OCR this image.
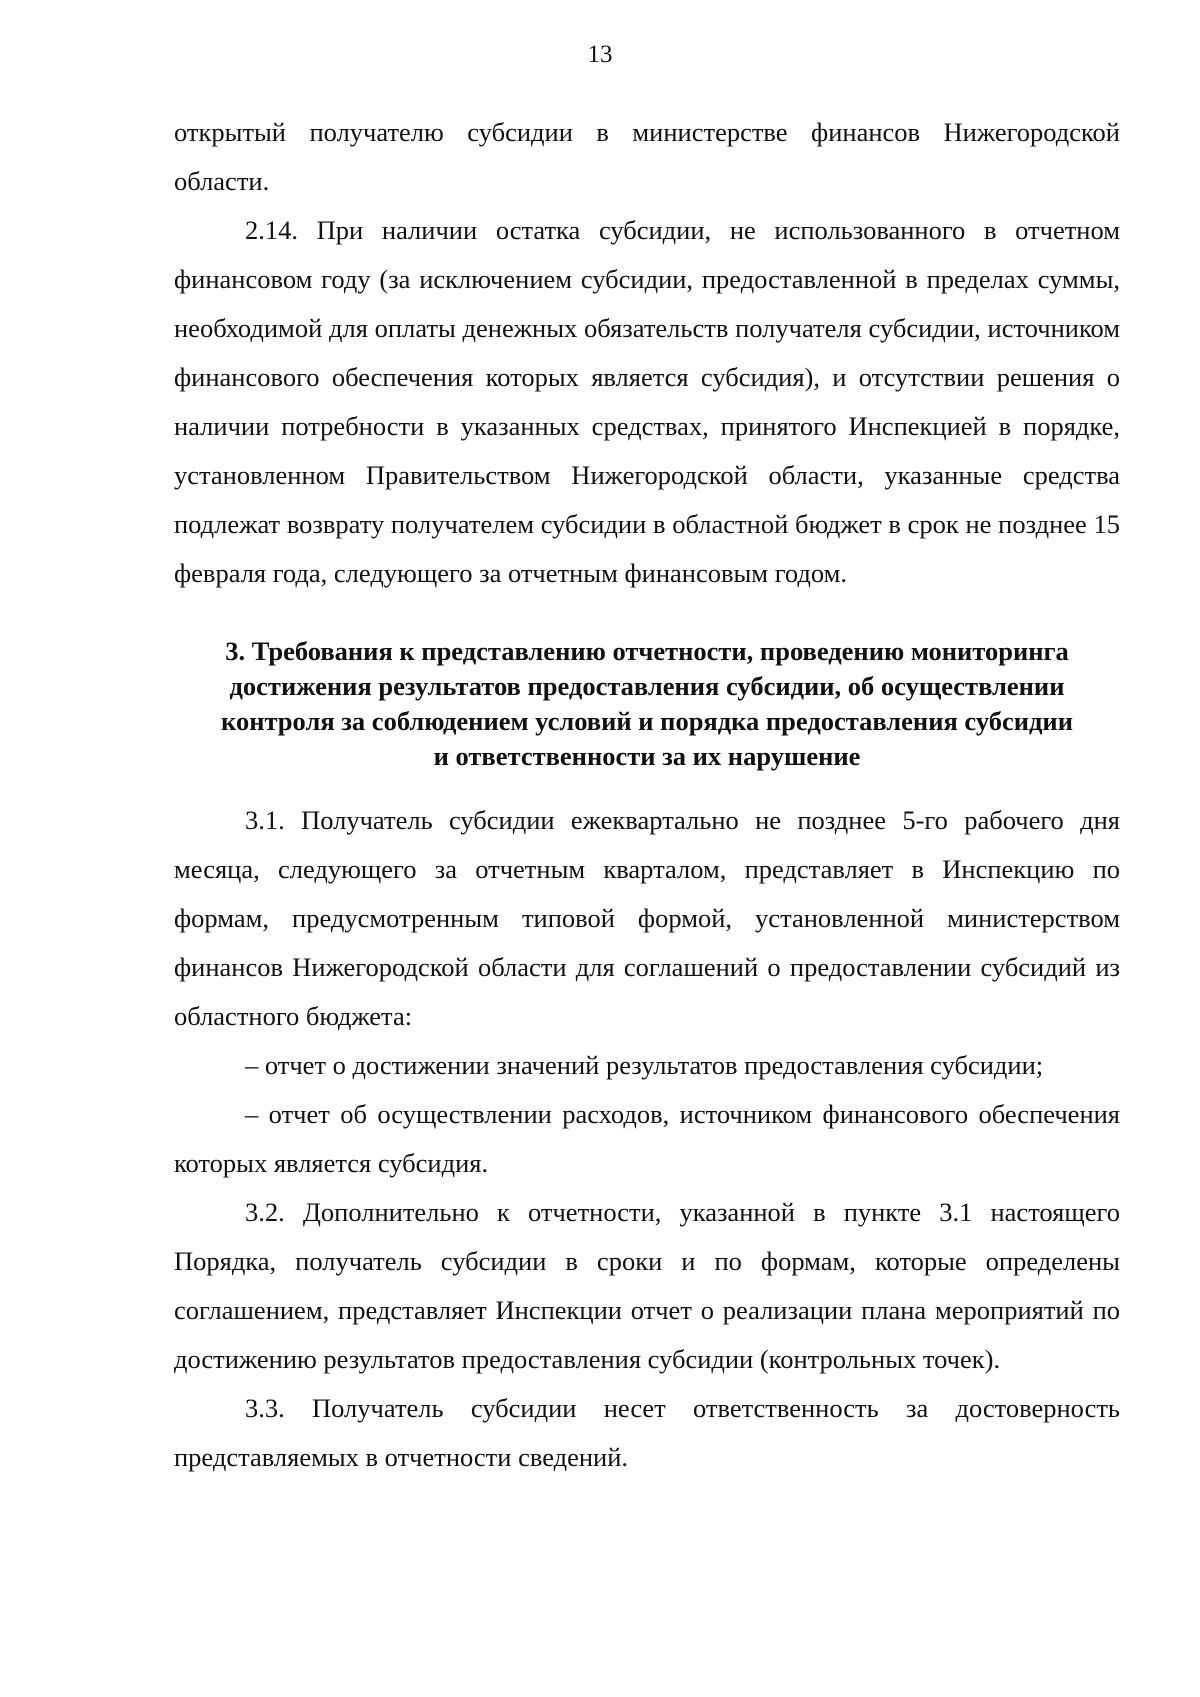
13

открытый получателю субсидии в министерстве финансов Нижегородской области.

2.14. При наличии остатка субсидии, не использованного в отчетном финансовом году (за исключением субсидии, предоставленной в пределах суммы, необходимой для оплаты денежных обязательств получателя субсидии, источником финансового обеспечения которых является субсидия), и отсутствии решения о наличии потребности в указанных средствах, принятого Инспекцией в порядке, установленном Правительством Нижегородской области, указанные средства подлежат возврату получателем субсидии в областной бюджет в срок не позднее 15 февраля года, следующего за отчетным финансовым годом.

3. Требования к представлению отчетности, проведению мониторинга
достижения результатов предоставления субсидии, об осуществлении
контроля за соблюдением условий и порядка предоставления субсидии
и ответственности за их нарушение

3.1. Получатель субсидии ежеквартально не позднее 5-го рабочего дня месяца, следующего за отчетным кварталом, представляет в Инспекцию по формам, предусмотренным типовой формой, установленной министерством финансов Нижегородской области для соглашений о предоставлении субсидий из областного бюджета:

– отчет о достижении значений результатов предоставления субсидии;

– отчет об осуществлении расходов, источником финансового обеспечения которых является субсидия.

3.2. Дополнительно к отчетности, указанной в пункте 3.1 настоящего Порядка, получатель субсидии в сроки и по формам, которые определены соглашением, представляет Инспекции отчет о реализации плана мероприятий по достижению результатов предоставления субсидии (контрольных точек).

3.3. Получатель субсидии несет ответственность за достоверность представляемых в отчетности сведений.
